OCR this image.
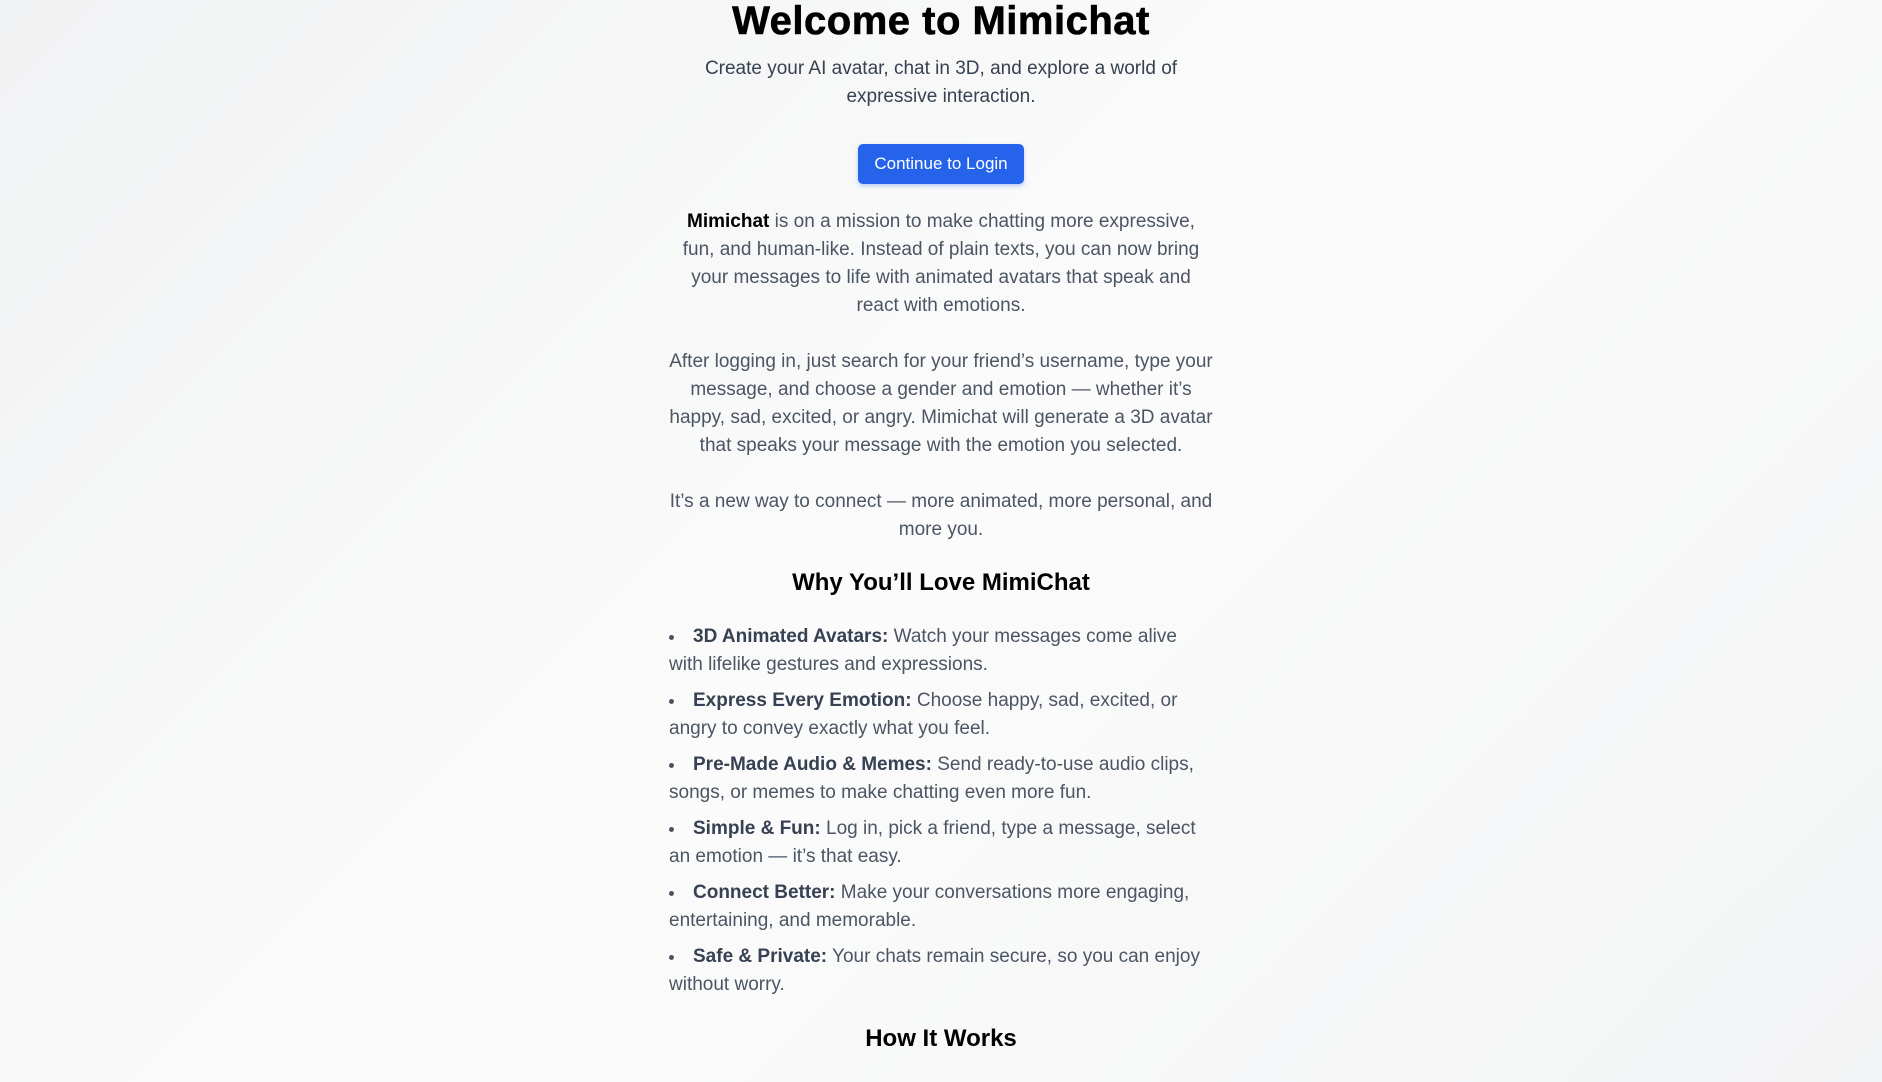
Welcome to Mimichat

Create your AI avatar, chat in 3D, and explore a world of expressive interaction.

Continue to Login

Mimichat is on a mission to make chatting more expressive, fun, and human-like. Instead of plain texts, you can now bring your messages to life with animated avatars that speak and react with emotions.

After logging in, just search for your friend’s username, type your message, and choose a gender and emotion — whether it’s happy, sad, excited, or angry. Mimichat will generate a 3D avatar that speaks your message with the emotion you selected.

It’s a new way to connect — more animated, more personal, and more you.

Why You’ll Love MimiChat
3D Animated Avatars: Watch your messages come alive with lifelike gestures and expressions.
Express Every Emotion: Choose happy, sad, excited, or angry to convey exactly what you feel.
Pre-Made Audio & Memes: Send ready-to-use audio clips, songs, or memes to make chatting even more fun.
Simple & Fun: Log in, pick a friend, type a message, select an emotion — it’s that easy.
Connect Better: Make your conversations more engaging, entertaining, and memorable.
Safe & Private: Your chats remain secure, so you can enjoy without worry.
How It Works
